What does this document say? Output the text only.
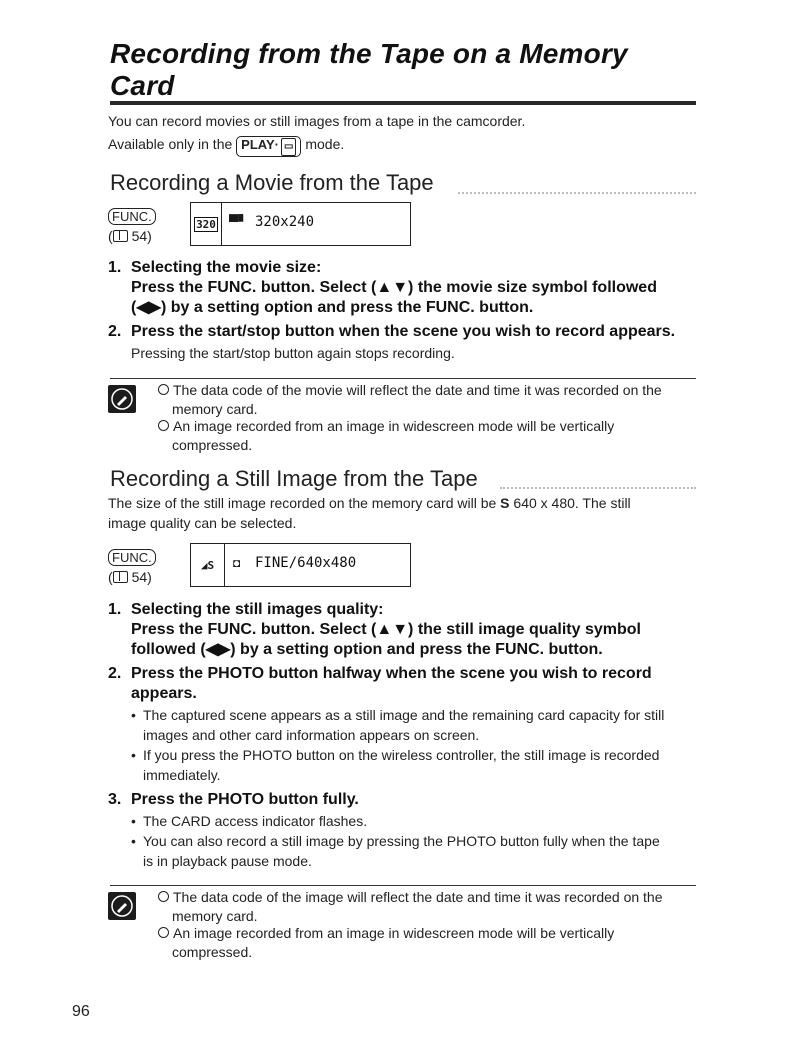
Recording from the Tape on a Memory
Card
You can record movies or still images from a tape in the camcorder.
Available only in the PLAY· ▭ mode.
Recording a Movie from the Tape
FUNC.
( 54)
320 ▀▘ 320x240
1. Selecting the movie size:
Press the FUNC. button. Select (▲▼) the movie size symbol followed
(◀▶) by a setting option and press the FUNC. button.
2. Press the start/stop button when the scene you wish to record appears.
Pressing the start/stop button again stops recording.
The data code of the movie will reflect the date and time it was recorded on the
memory card.
An image recorded from an image in widescreen mode will be vertically
compressed.
Recording a Still Image from the Tape
The size of the still image recorded on the memory card will be S 640 x 480. The still
image quality can be selected.
FUNC.
( 54)
◢ S ◘ FINE/640x480
1. Selecting the still images quality:
Press the FUNC. button. Select (▲▼) the still image quality symbol
followed (◀▶) by a setting option and press the FUNC. button.
2. Press the PHOTO button halfway when the scene you wish to record
appears.
• The captured scene appears as a still image and the remaining card capacity for still
images and other card information appears on screen.
• If you press the PHOTO button on the wireless controller, the still image is recorded
immediately.
3. Press the PHOTO button fully.
• The CARD access indicator flashes.
• You can also record a still image by pressing the PHOTO button fully when the tape
is in playback pause mode.
The data code of the image will reflect the date and time it was recorded on the
memory card.
An image recorded from an image in widescreen mode will be vertically
compressed.
96
